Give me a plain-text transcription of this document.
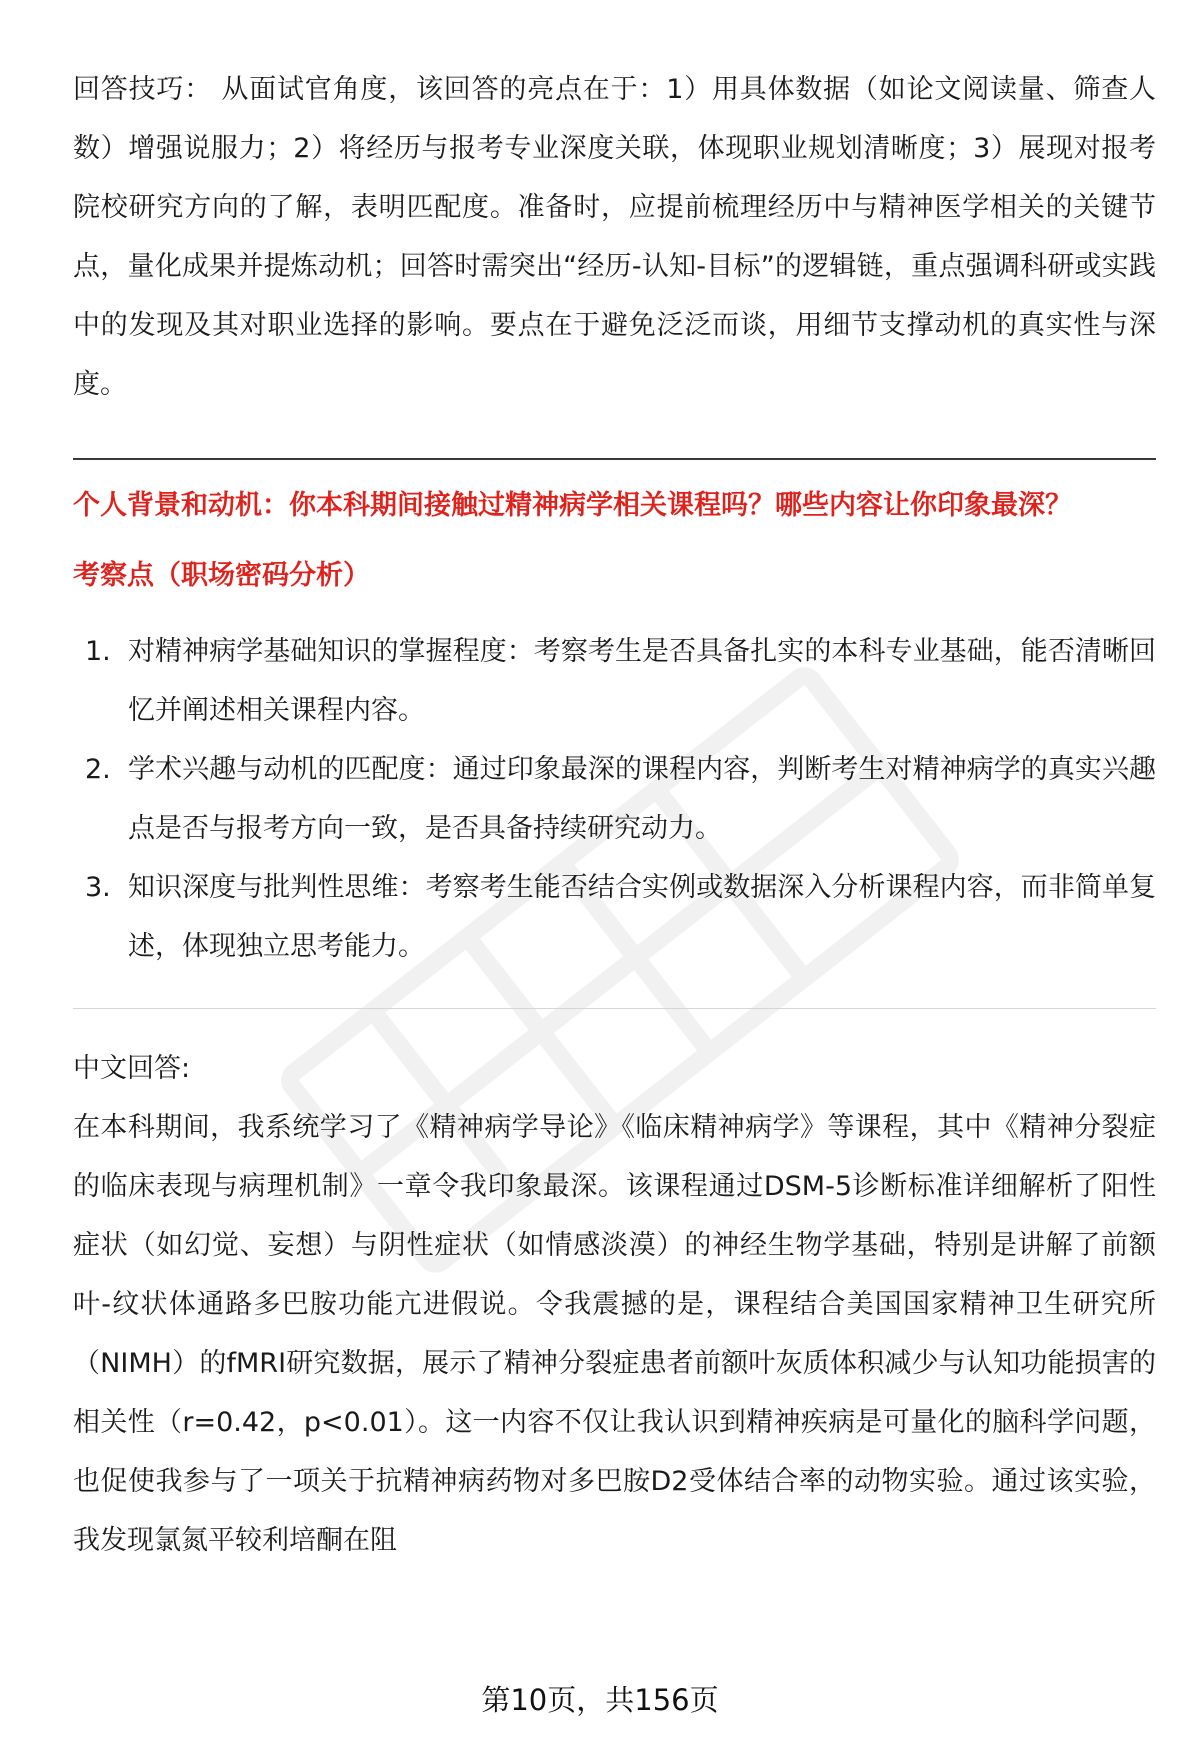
回答技巧： 从面试官角度，该回答的亮点在于：1）用具体数据（如论文阅读量、筛查人数）增强说服力；2）将经历与报考专业深度关联，体现职业规划清晰度；3）展现对报考院校研究方向的了解，表明匹配度。准备时，应提前梳理经历中与精神医学相关的关键节点，量化成果并提炼动机；回答时需突出“经历-认知-目标”的逻辑链，重点强调科研或实践中的发现及其对职业选择的影响。要点在于避免泛泛而谈，用细节支撑动机的真实性与深度。

个人背景和动机：你本科期间接触过精神病学相关课程吗？哪些内容让你印象最深？

考察点（职场密码分析）

1. 对精神病学基础知识的掌握程度：考察考生是否具备扎实的本科专业基础，能否清晰回忆并阐述相关课程内容。
2. 学术兴趣与动机的匹配度：通过印象最深的课程内容，判断考生对精神病学的真实兴趣点是否与报考方向一致，是否具备持续研究动力。
3. 知识深度与批判性思维：考察考生能否结合实例或数据深入分析课程内容，而非简单复述，体现独立思考能力。

中文回答:

在本科期间，我系统学习了《精神病学导论》《临床精神病学》等课程，其中《精神分裂症的临床表现与病理机制》一章令我印象最深。该课程通过DSM-5诊断标准详细解析了阳性症状（如幻觉、妄想）与阴性症状（如情感淡漠）的神经生物学基础，特别是讲解了前额叶-纹状体通路多巴胺功能亢进假说。令我震撼的是，课程结合美国国家精神卫生研究所（NIMH）的fMRI研究数据，展示了精神分裂症患者前额叶灰质体积减少与认知功能损害的相关性（r=0.42，p<0.01）。这一内容不仅让我认识到精神疾病是可量化的脑科学问题，也促使我参与了一项关于抗精神病药物对多巴胺D2受体结合率的动物实验。通过该实验，我发现氯氮平较利培酮在阻

第10页，共156页
